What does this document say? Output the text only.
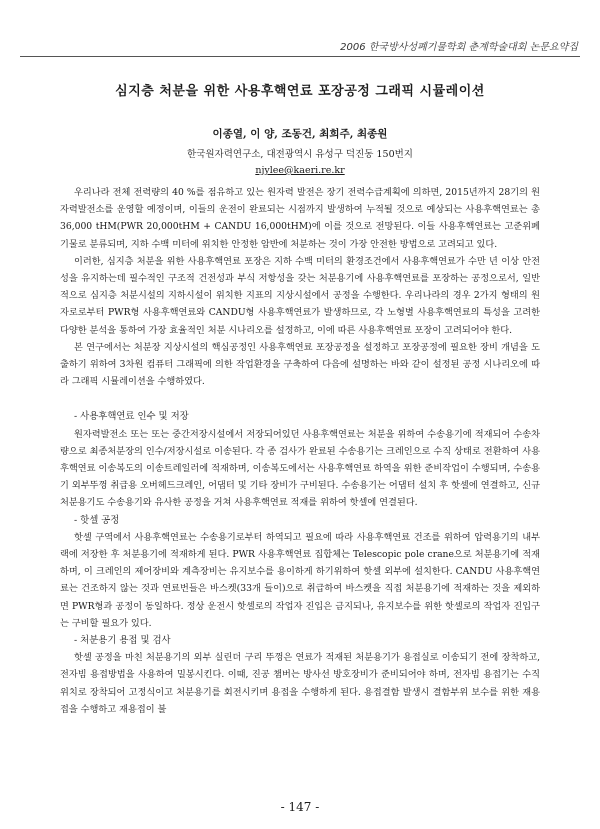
2006 한국방사성폐기물학회 춘계학술대회 논문요약집
심지층 처분을 위한 사용후핵연료 포장공정 그래픽 시뮬레이션
이종열, 이 양, 조동건, 최희주, 최종원
한국원자력연구소, 대전광역시 유성구 덕진동 150번지
njylee@kaeri.re.kr

우리나라 전체 전력량의 40 %를 점유하고 있는 원자력 발전은 장기 전력수급계획에 의하면, 2015년까지 28기의 원자력발전소를 운영할 예정이며, 이들의 운전이 완료되는 시점까지 발생하여 누적될 것으로 예상되는 사용후핵연료는 총 36,000 tHM(PWR 20,000tHM + CANDU 16,000tHM)에 이를 것으로 전망된다. 이들 사용후핵연료는 고준위폐기물로 분류되며, 지하 수백 미터에 위치한 안정한 암반에 처분하는 것이 가장 안전한 방법으로 고려되고 있다.

이러한, 심지층 처분을 위한 사용후핵연료 포장은 지하 수백 미터의 환경조건에서 사용후핵연료가 수만 년 이상 안전성을 유지하는데 필수적인 구조적 건전성과 부식 저항성을 갖는 처분용기에 사용후핵연료를 포장하는 공정으로서, 일반적으로 심지층 처분시설의 지하시설이 위치한 지표의 지상시설에서 공정을 수행한다. 우리나라의 경우 2가지 형태의 원자로로부터 PWR형 사용후핵연료와 CANDU형 사용후핵연료가 발생하므로, 각 노형별 사용후핵연료의 특성을 고려한 다양한 분석을 통하여 가장 효율적인 처분 시나리오를 설정하고, 이에 따른 사용후핵연료 포장이 고려되어야 한다.

본 연구에서는 처분장 지상시설의 핵심공정인 사용후핵연료 포장공정을 설정하고 포장공정에 필요한 장비 개념을 도출하기 위하여 3차원 컴퓨터 그래픽에 의한 작업환경을 구축하여 다음에 설명하는 바와 같이 설정된 공정 시나리오에 따라 그래픽 시뮬레이션을 수행하였다.

- 사용후핵연료 인수 및 저장

원자력발전소 또는 또는 중간저장시설에서 저장되어있던 사용후핵연료는 처분을 위하여 수송용기에 적재되어 수송차량으로 최종처분장의 인수/저장시설로 이송된다. 각 종 검사가 완료된 수송용기는 크레인으로 수직 상태로 전환하여 사용후핵연료 이송복도의 이송트레일러에 적재하며, 이송복도에서는 사용후핵연료 하역을 위한 준비작업이 수행되며, 수송용기 외부뚜껑 취급용 오버헤드크레인, 어댑터 및 기타 장비가 구비된다. 수송용기는 어댑터 설치 후 핫셀에 연결하고, 신규 처분용기도 수송용기와 유사한 공정을 거쳐 사용후핵연료 적재를 위하여 핫셀에 연결된다.

- 핫셀 공정

핫셀 구역에서 사용후핵연료는 수송용기로부터 하역되고 필요에 따라 사용후핵연료 건조를 위하여 압력용기의 내부 랙에 저장한 후 처분용기에 적재하게 된다. PWR 사용후핵연료 집합체는 Telescopic pole crane으로 처분용기에 적재하며, 이 크레인의 제어장비와 계측장비는 유지보수를 용이하게 하기위하여 핫셀 외부에 설치한다. CANDU 사용후핵연료는 건조하지 않는 것과 연료번들은 바스켓(33개 들이)으로 취급하여 바스켓을 직접 처분용기에 적재하는 것을 제외하면 PWR형과 공정이 동일하다. 정상 운전시 핫셀로의 작업자 진입은 금지되나, 유지보수를 위한 핫셀로의 작업자 진입구는 구비할 필요가 있다.

- 처분용기 용접 및 검사

핫셀 공정을 마친 처분용기의 외부 실린더 구리 뚜껑은 연료가 적재된 처분용기가 용접실로 이송되기 전에 장착하고, 전자빔 용접방법을 사용하여 밀봉시킨다. 이때, 진공 챔버는 방사선 방호장비가 준비되어야 하며, 전자빔 용접기는 수직 위치로 장착되어 고정식이고 처분용기를 회전시키며 용접을 수행하게 된다. 용접결함 발생시 결함부위 보수를 위한 재용접을 수행하고 재용접이 불

- 147 -
